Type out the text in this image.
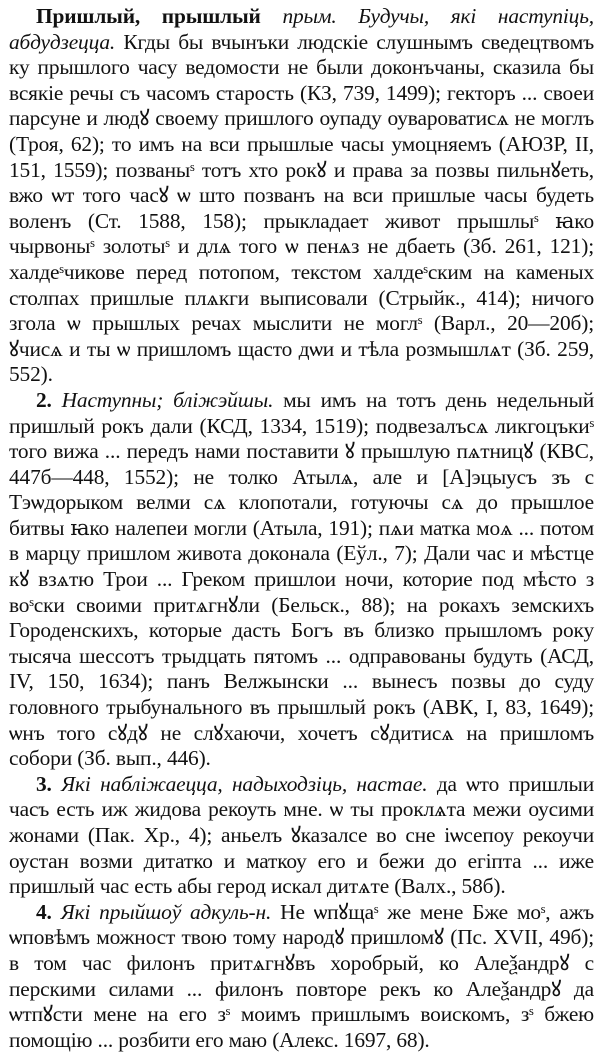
Пришлый, прышлый прым. Будучы, які наступіць, абдудзецца. Кгды бы вчынъки людскіе слушнымъ сведецтвомъ ку прышлого часу ведомости не были доконъчаны, сказила бы всякіе речы съ часомъ старость (КЗ, 739, 1499); гекторъ ... своеи парсуне и людꙋ своему пришлого оупаду оувароватисѧ не моглъ (Троя, 62); то имъ на вси прышлые часы умоцняемъ (АЮЗР, II, 151, 1559); позваныˢ тотъ хто рокꙋ и права за позвы пильнꙋеть, вжо ѡт того часꙋ ѡ што позванъ на вси пришлые часы будеть воленъ (Ст. 1588, 158); прыкладает живот прышлыˢ ꙗко чырвоныˢ золотыˢ и длѧ того ѡ пенѧз не дбаеть (Зб. 261, 121); халдеˢчикове перед потопом, текстом халдеˢским на каменых столпах пришлые плѧкги выписовали (Стрыйк., 414); ничого згола ѡ прышлых речах мыслити не моглˢ (Варл., 20—20б); ꙋчисѧ и ты ѡ пришломъ щасто дѡи и тѣла розмышлѧт (Зб. 259, 552).

2. Наступны; бліжэйшы. мы имъ на тотъ день недельный пришлый рокъ дали (КСД, 1334, 1519); подвезалъсѧ ликгоцъкиˢ того вижа ... передъ нами поставити ꙋ прышлую пѧтницꙋ (КВС, 447б—448, 1552); не толко Атылѧ, але и [А]эцыусъ зъ с Тэѡдорыком велми сѧ клопотали, готуючы сѧ до прышлое битвы ꙗко налепеи могли (Атыла, 191); пѧи матка моѧ ... потом в марцу пришлом живота доконала (Еўл., 7); Дали час и мѣстце кꙋ взѧтю Трои ... Греком пришлои ночи, которие под мѣсто з воˢски своими притѧгнꙋли (Бельск., 88); на рокахъ земскихъ Городенскихъ, которые дасть Богъ въ близко прышломъ року тысяча шессотъ трыдцать пятомъ ... одправованы будуть (АСД, IV, 150, 1634); панъ Велжынски ... вынесъ позвы до суду головного трыбунального въ прышлый рокъ (АВК, I, 83, 1649); ѡнъ того сꙋдꙋ не слꙋхаючи, хочетъ сꙋдитисѧ на пришломъ собори (Зб. вып., 446).

3. Які набліжаецца, надыходзіць, настае. да ѡто пришлыи часъ есть иж жидова рекоуть мне. ѡ ты проклѧта межи оусими жонами (Пак. Хр., 4); аньелъ ꙋказалсе во сне іѡсепоу рекоучи оустан возми дитатко и маткоу его и бежи до егіпта ... иже пришлый час есть абы герод искал дитѧте (Валх., 58б).

4. Які прыйшоў адкуль-н. Не ѡпꙋщаˢ же мене Бже моˢ, ажъ ѡповѣмъ можност твою тому народꙋ пришломꙋ (Пс. XVII, 49б); в том час филонъ притѧгнꙋвъ хоробрый, ко Алеѯандрꙋ с перскими силами ... филонъ повторе рекъ ко Алеѯандрꙋ да ѡтпꙋсти мене на его зˢ моимъ пришлымъ воискомъ, зˢ бжею помощію ... розбити его маю (Алекс. 1697, 68).
